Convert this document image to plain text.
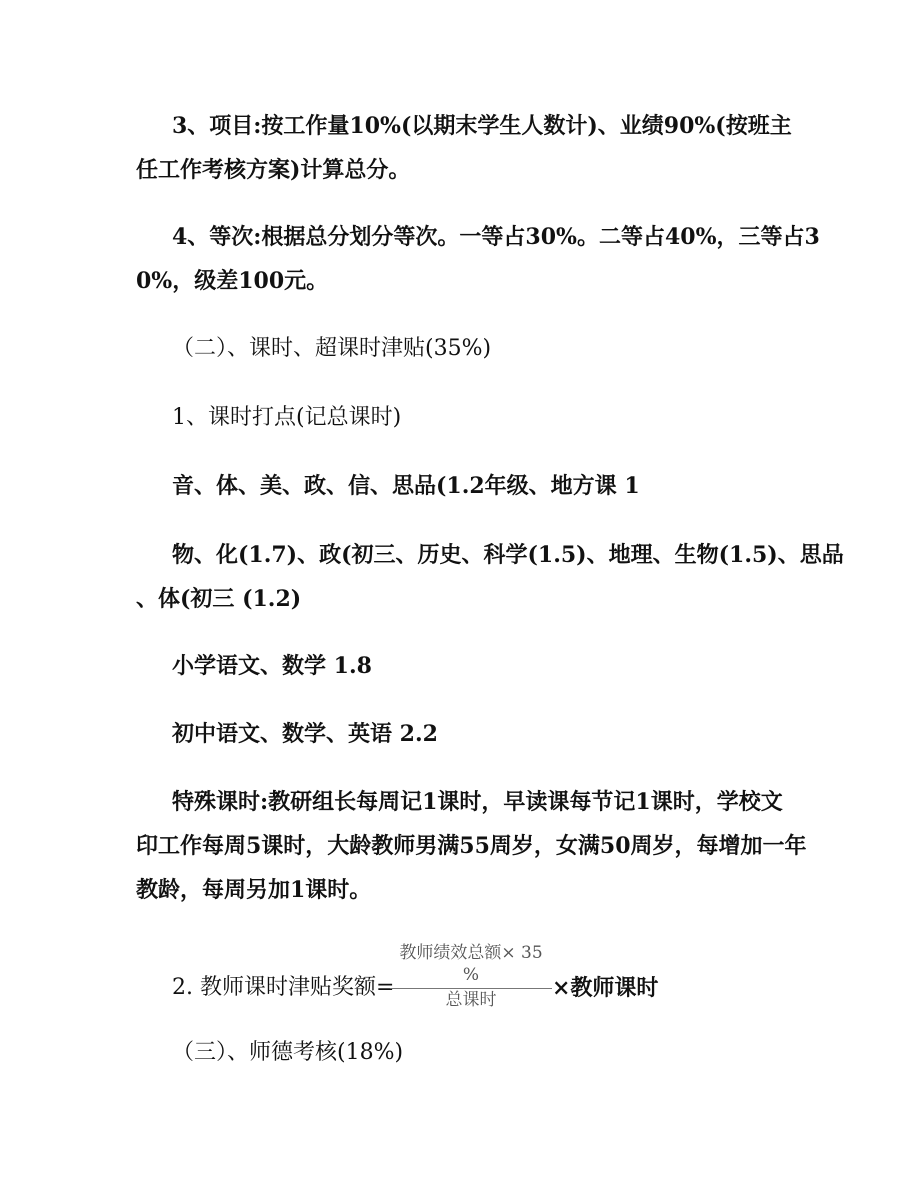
3、项目:按工作量10%(以期末学生人数计)、业绩90%(按班主
任工作考核方案)计算总分。
4、等次:根据总分划分等次。一等占30%。二等占40%，三等占3
0%，级差100元。
（二）、课时、超课时津贴(35%)
1、课时打点(记总课时)
音、体、美、政、信、思品(1.2年级、地方课 1
物、化(1.7)、政(初三、历史、科学(1.5)、地理、生物(1.5)、思品
、体(初三 (1.2)
小学语文、数学 1.8
初中语文、数学、英语 2.2
特殊课时:教研组长每周记1课时，早读课每节记1课时，学校文
印工作每周5课时，大龄教师男满55周岁，女满50周岁，每增加一年
教龄，每周另加1课时。
2. 教师课时津贴奖额=
教师绩效总额× 35 %
总课时	×教师课时
（三）、师德考核(18%)
